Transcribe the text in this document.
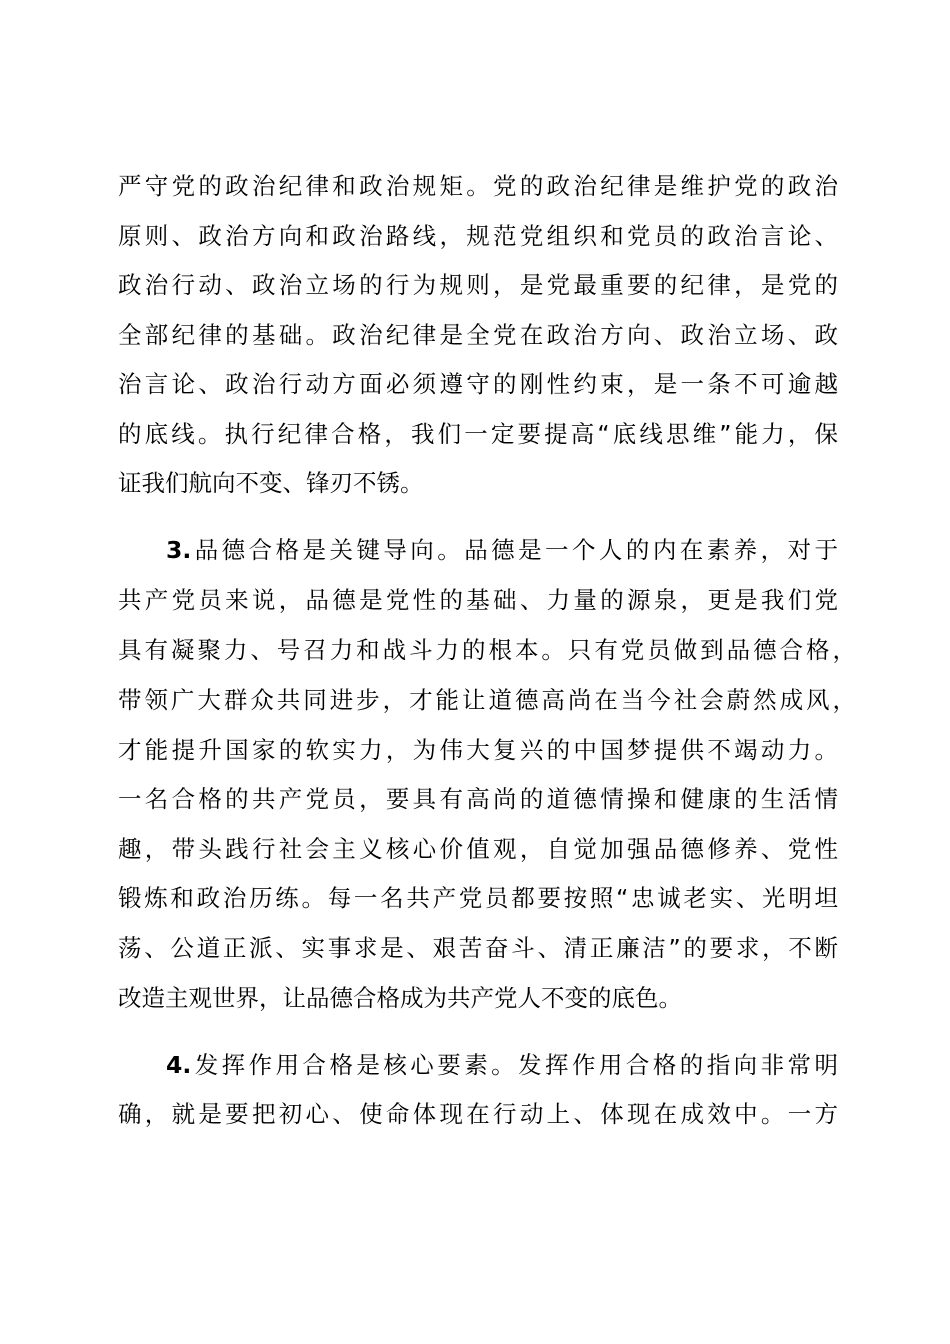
严守党的政治纪律和政治规矩。党的政治纪律是维护党的政治
原则、政治方向和政治路线，规范党组织和党员的政治言论、
政治行动、政治立场的行为规则，是党最重要的纪律，是党的
全部纪律的基础。政治纪律是全党在政治方向、政治立场、政
治言论、政治行动方面必须遵守的刚性约束，是一条不可逾越
的底线。执行纪律合格，我们一定要提高“底线思维”能力，保
证我们航向不变、锋刃不锈。
3.品德合格是关键导向。品德是一个人的内在素养，对于
共产党员来说，品德是党性的基础、力量的源泉，更是我们党
具有凝聚力、号召力和战斗力的根本。只有党员做到品德合格，
带领广大群众共同进步，才能让道德高尚在当今社会蔚然成风，
才能提升国家的软实力，为伟大复兴的中国梦提供不竭动力。
一名合格的共产党员，要具有高尚的道德情操和健康的生活情
趣，带头践行社会主义核心价值观，自觉加强品德修养、党性
锻炼和政治历练。每一名共产党员都要按照“忠诚老实、光明坦
荡、公道正派、实事求是、艰苦奋斗、清正廉洁”的要求，不断
改造主观世界，让品德合格成为共产党人不变的底色。
4.发挥作用合格是核心要素。发挥作用合格的指向非常明
确，就是要把初心、使命体现在行动上、体现在成效中。一方
